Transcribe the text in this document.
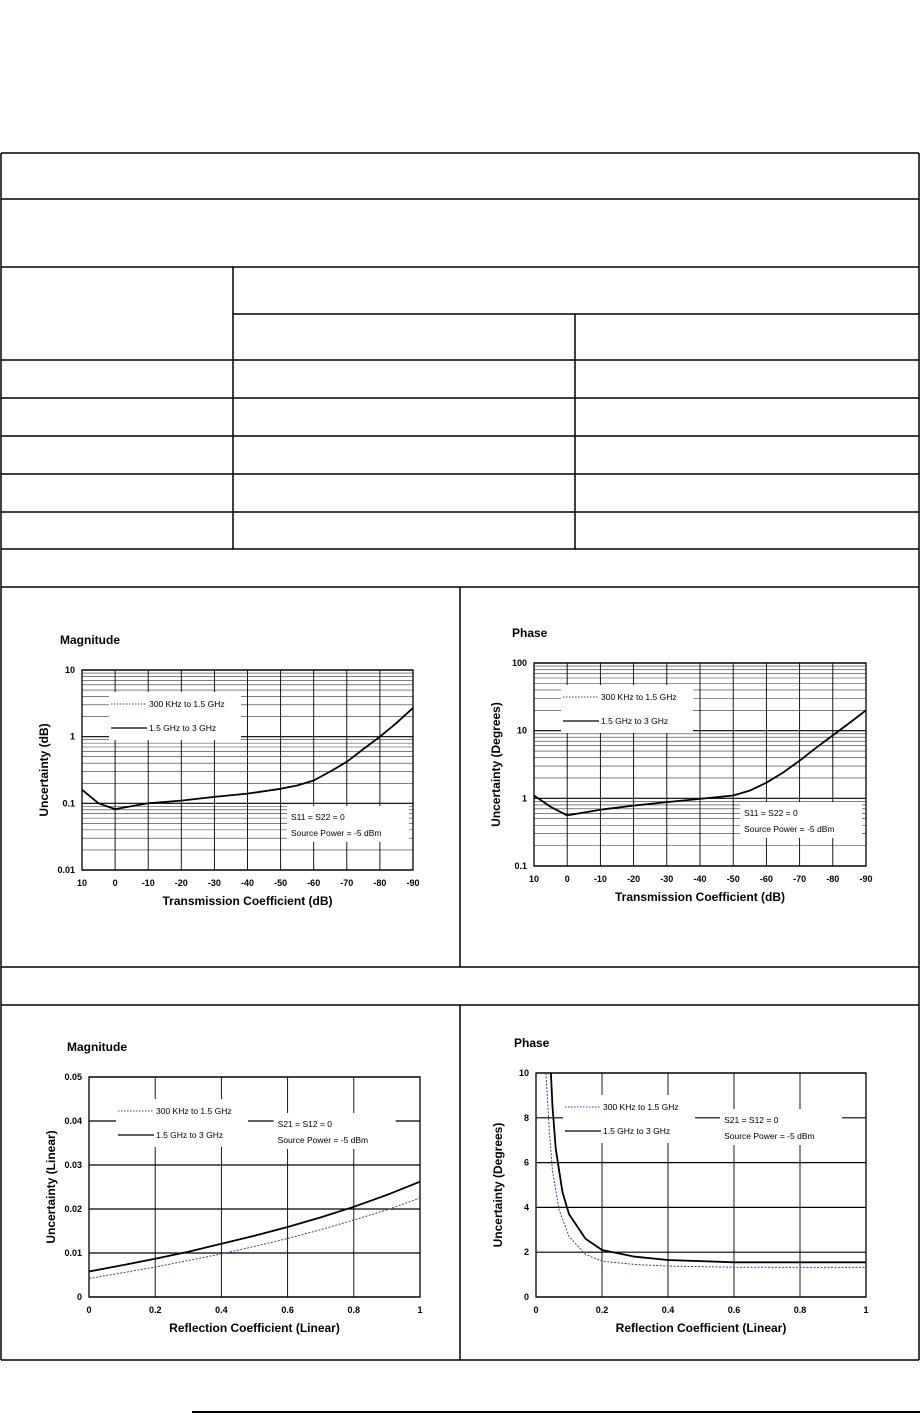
10	0	-10 -20 -30 -40 -50 -60 -70 -80 -90
0.01
0.1
1
10
Magnitude
Transmission Coefficient (dB)
Uncertainty (dB)
300 KHz to 1.5 GHz
1.5 GHz to 3 GHz
S11 = S22 = 0
Source Power = -5 dBm
10	0	-10 -20 -30 -40 -50 -60 -70 -80 -90
0.1
1
10
100
Phase
Transmission Coefficient (dB)
Uncertainty (Degrees)
300 KHz to 1.5 GHz
1.5 GHz to 3 GHz
S11 = S22 = 0
Source Power = -5 dBm
0	0.2	0.4	0.6	0.8	1
0
0.01
0.02
0.03
0.04
0.05
Magnitude
Reflection Coefficient (Linear)
Uncertainty (Linear)
300 KHz to 1.5 GHz
1.5 GHz to 3 GHz
S21 = S12 = 0
Source Power = -5 dBm
0	0.2	0.4	0.6	0.8	1
0
2
4
6
8
10
Phase
Reflection Coefficient (Linear)
Uncertainty (Degrees)
300 KHz to 1.5 GHz
1.5 GHz to 3 GHz
S21 = S12 = 0
Source Power = -5 dBm
